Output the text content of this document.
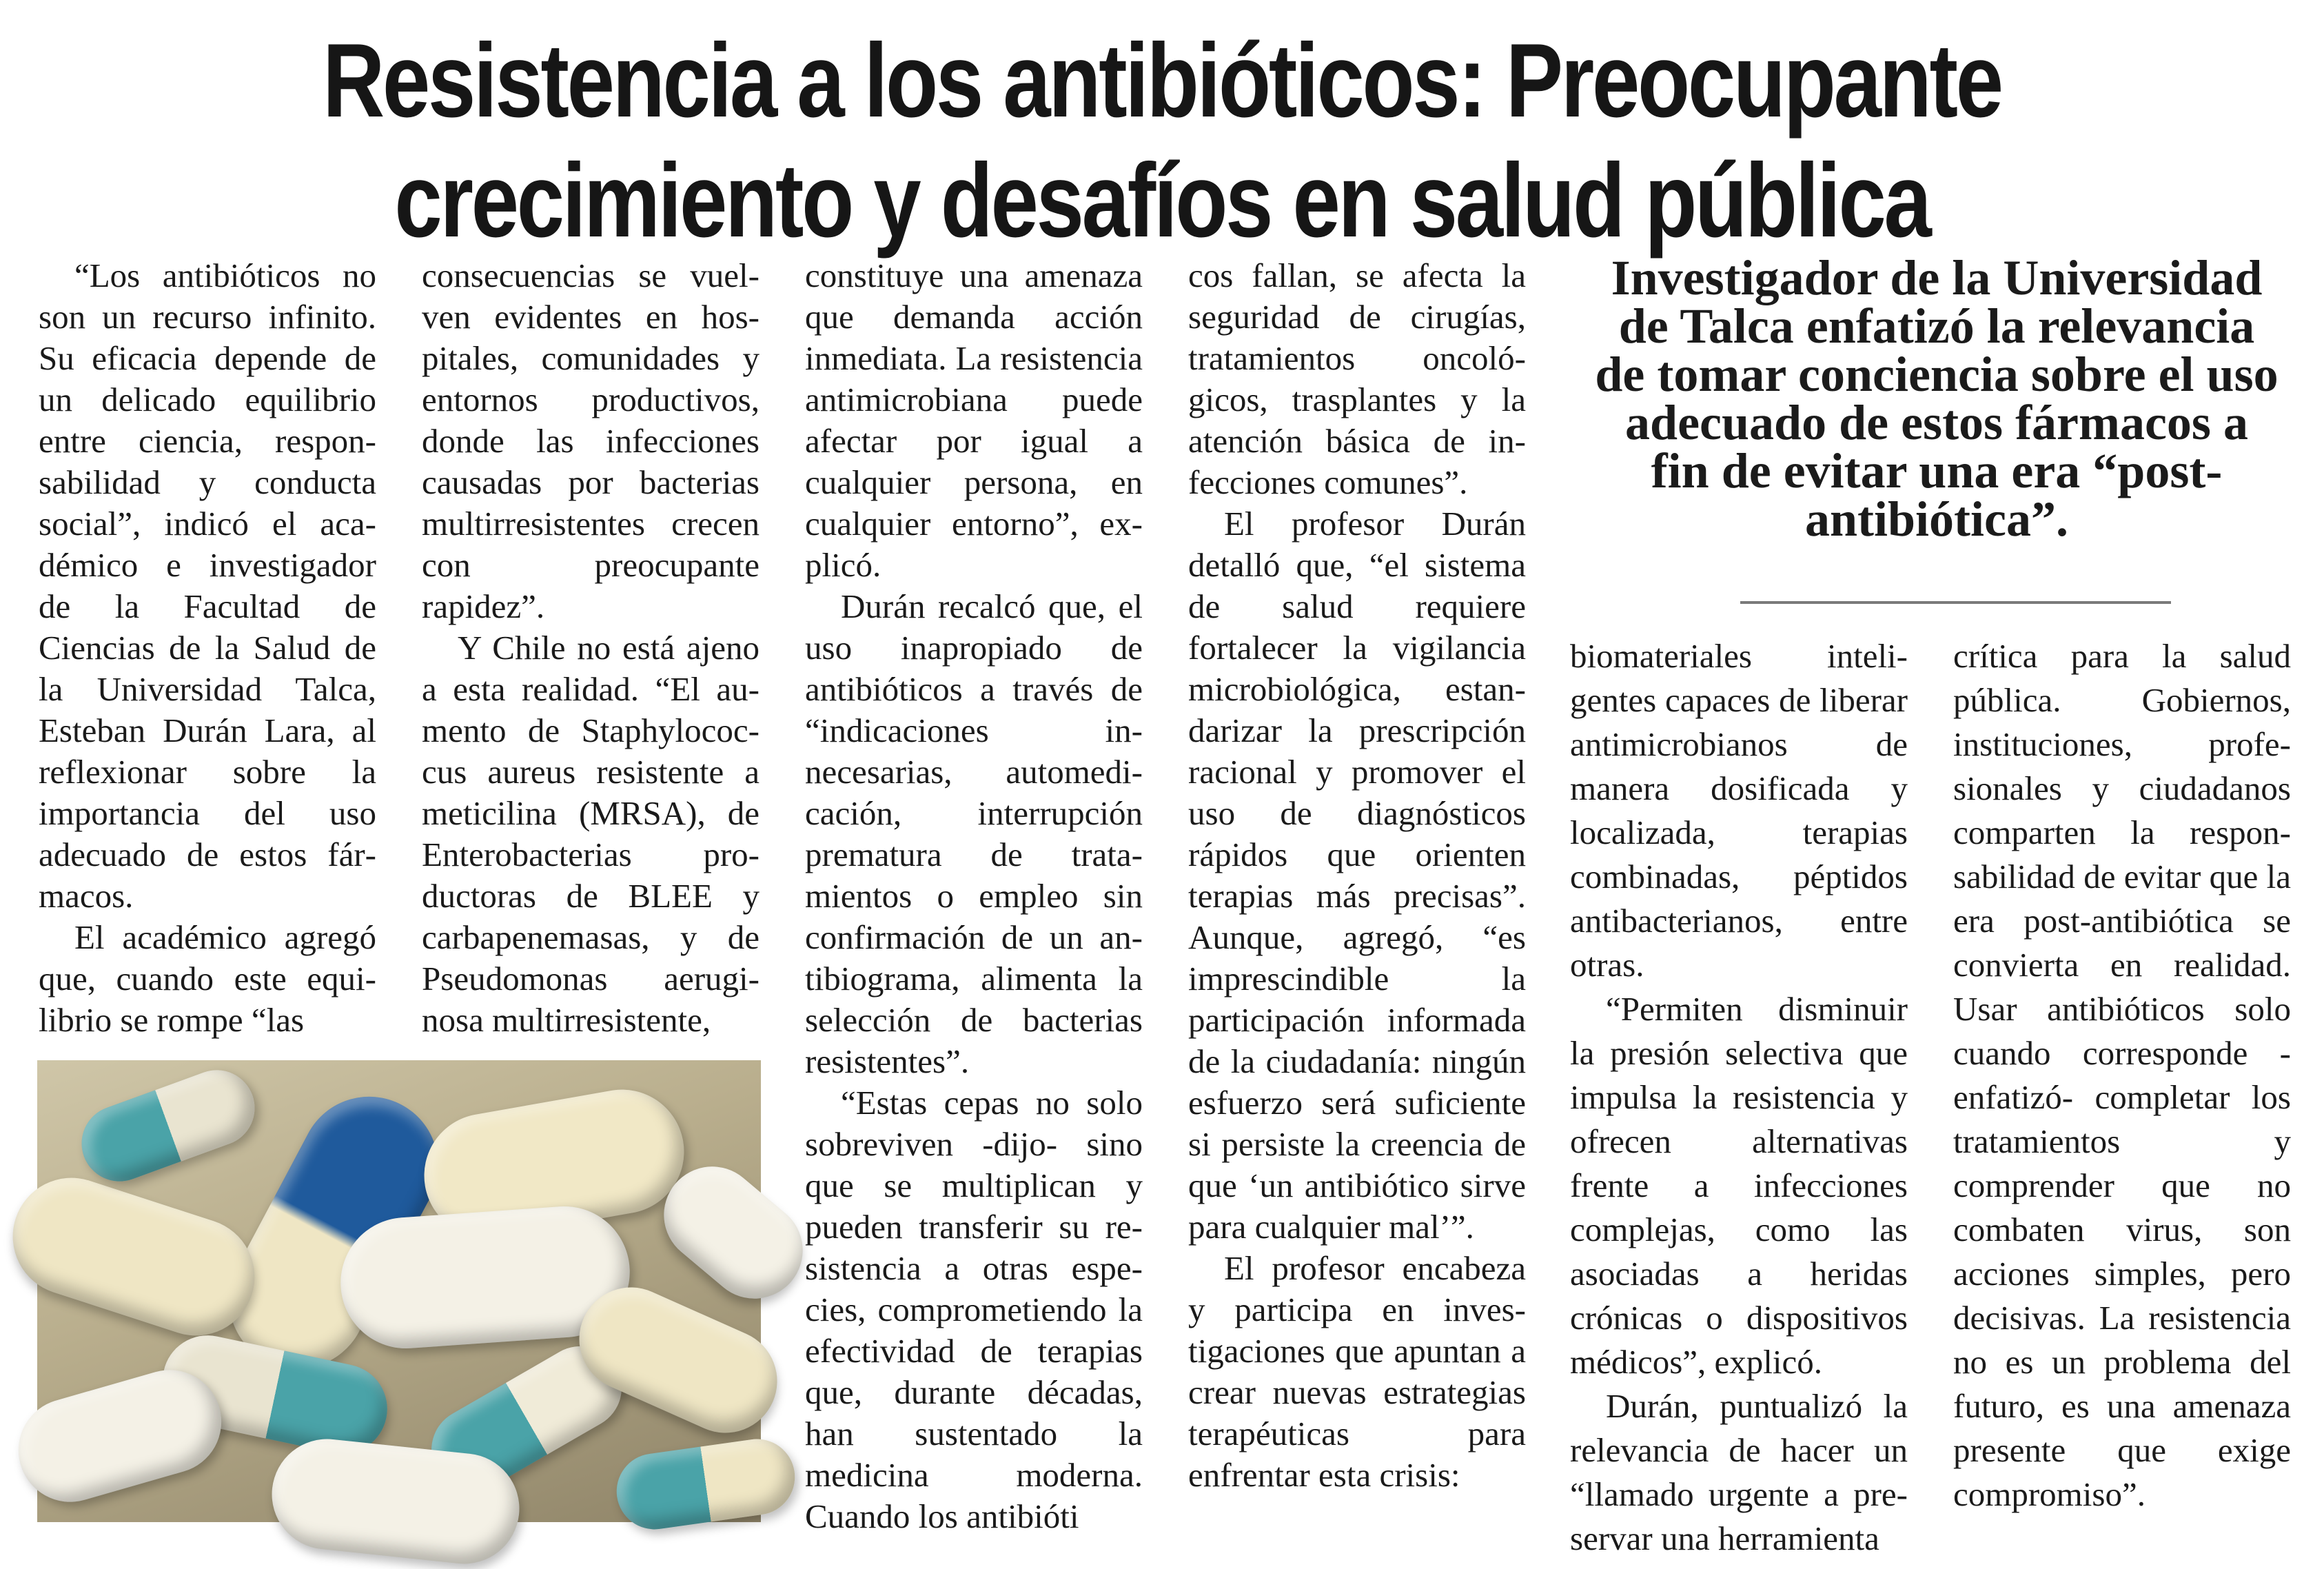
Resistencia a los antibióticos: Preocupante
crecimiento y desafíos en salud pública

“Los antibióticos no son un recurso infinito. Su eficacia depende de un delicado equilibrio entre ciencia, responsabilidad y conducta social”, indicó el académico e investigador de la Facultad de Ciencias de la Salud de la Universidad Talca, Esteban Durán Lara, al reflexionar sobre la importancia del uso adecuado de estos fármacos.

El académico agregó que, cuando este equilibrio se rompe “las

consecuencias se vuelven evidentes en hospitales, comunidades y entornos productivos, donde las infecciones causadas por bacterias multirresistentes crecen con preocupante rapidez”.

Y Chile no está ajeno a esta realidad. “El aumento de Staphylococcus aureus resistente a meticilina (MRSA), de Enterobacterias productoras de BLEE y carbapenemasas, y de Pseudomonas aeruginosa multirresistente,

constituye una amenaza que demanda acción inmediata. La resistencia antimicrobiana puede afectar por igual a cualquier persona, en cualquier entorno”, explicó.

Durán recalcó que, el uso inapropiado de antibióticos a través de “indicaciones innecesarias, automedicación, interrupción prematura de tratamientos o empleo sin confirmación de un antibiograma, alimenta la selección de bacterias resistentes”.

“Estas cepas no solo sobreviven -dijo- sino que se multiplican y pueden transferir su resistencia a otras especies, comprometiendo la efectividad de terapias que, durante décadas, han sustentado la medicina moderna. Cuando los antibióti

cos fallan, se afecta la seguridad de cirugías, tratamientos oncológicos, trasplantes y la atención básica de infecciones comunes”.

El profesor Durán detalló que, “el sistema de salud requiere fortalecer la vigilancia microbiológica, estandarizar la prescripción racional y promover el uso de diagnósticos rápidos que orienten terapias más precisas”. Aunque, agregó, “es imprescindible la participación informada de la ciudadanía: ningún esfuerzo será suficiente si persiste la creencia de que ‘un antibiótico sirve para cualquier mal’”.

El profesor encabeza y participa en investigaciones que apuntan a crear nuevas estrategias terapéuticas para enfrentar esta crisis:

Investigador de la Universidad de Talca enfatizó la relevancia de tomar conciencia sobre el uso adecuado de estos fármacos a fin de evitar una era “post-antibiótica”.

biomateriales inteligentes capaces de liberar antimicrobianos de manera dosificada y localizada, terapias combinadas, péptidos antibacterianos, entre otras.

“Permiten disminuir la presión selectiva que impulsa la resistencia y ofrecen alternativas frente a infecciones complejas, como las asociadas a heridas crónicas o dispositivos médicos”, explicó.

Durán, puntualizó la relevancia de hacer un “llamado urgente a preservar una herramienta

crítica para la salud pública. Gobiernos, instituciones, profesionales y ciudadanos comparten la responsabilidad de evitar que la era post-antibiótica se convierta en realidad. Usar antibióticos solo cuando corresponde -enfatizó- completar los tratamientos y comprender que no combaten virus, son acciones simples, pero decisivas. La resistencia no es un problema del futuro, es una amenaza presente que exige compromiso”.
